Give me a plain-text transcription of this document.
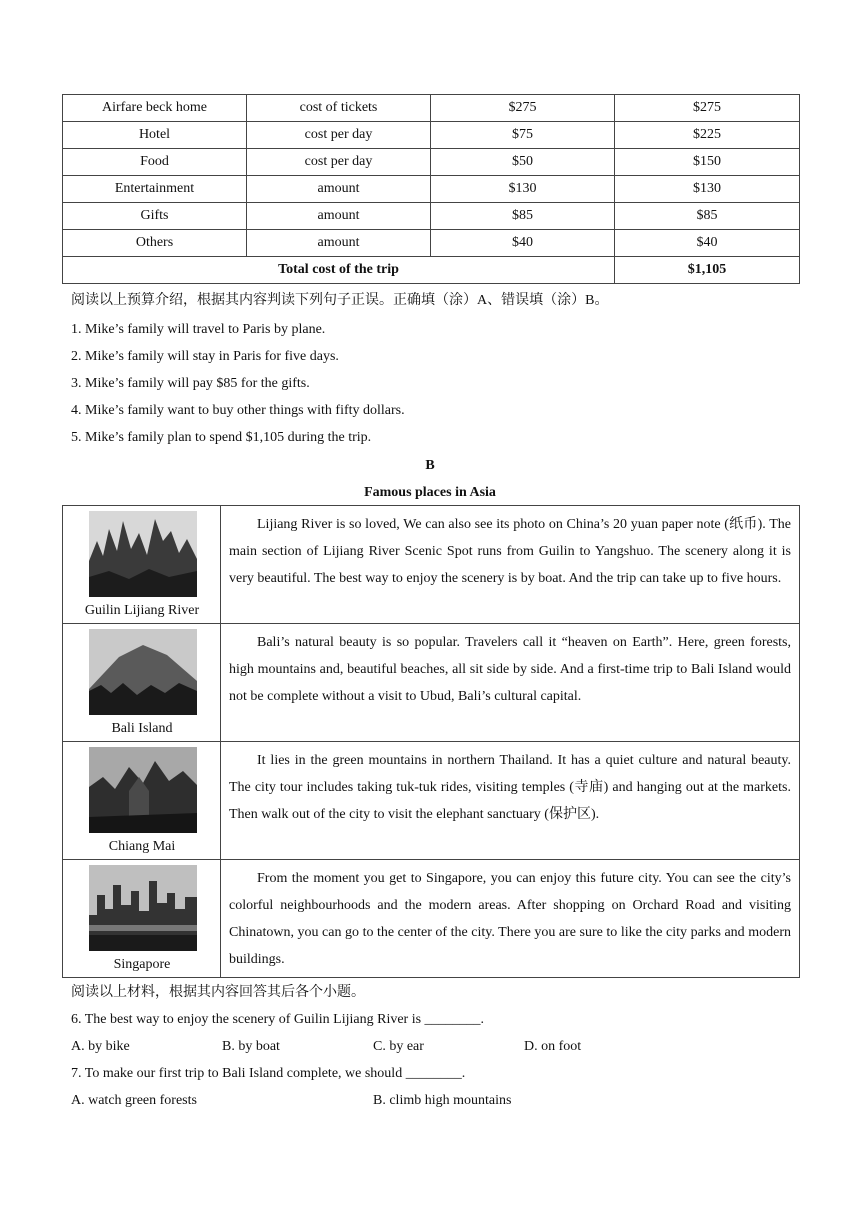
Airfare beck home	cost of tickets	$275	$275
Hotel	cost per day	$75	$225
Food	cost per day	$50	$150
Entertainment	amount	$130	$130
Gifts	amount	$85	$85
Others	amount	$40	$40
Total cost of the trip			$1,105
阅读以上预算介绍，根据其内容判读下列句子正误。正确填（涂）A、错误填（涂）B。
1. Mike’s family will travel to Paris by plane.
2. Mike’s family will stay in Paris for five days.
3. Mike’s family will pay $85 for the gifts.
4. Mike’s family want to buy other things with fifty dollars.
5. Mike’s family plan to spend $1,105 during the trip.
B
Famous places in Asia
Guilin Lijiang River	Lijiang River is so loved, We can also see its photo on China’s 20 yuan paper note (纸币). The main section of Lijiang River Scenic Spot runs from Guilin to Yangshuo. The scenery along it is very beautiful. The best way to enjoy the scenery is by boat. And the trip can take up to five hours.

Bali Island	Bali’s natural beauty is so popular. Travelers call it “heaven on Earth”. Here, green forests, high mountains and, beautiful beaches, all sit side by side. And a first-time trip to Bali Island would not be complete without a visit to Ubud, Bali’s cultural capital.

Chiang Mai	It lies in the green mountains in northern Thailand. It has a quiet culture and natural beauty. The city tour includes taking tuk-tuk rides, visiting temples (寺庙) and hanging out at the markets. Then walk out of the city to visit the elephant sanctuary (保护区).

Singapore	From the moment you get to Singapore, you can enjoy this future city. You can see the city’s colorful neighbourhoods and the modern areas. After shopping on Orchard Road and visiting Chinatown, you can go to the center of the city. There you are sure to like the city parks and modern buildings.
阅读以上材料，根据其内容回答其后各个小题。
6. The best way to enjoy the scenery of Guilin Lijiang River is ________.
A. by bike	B. by boat	C. by ear	D. on foot
7. To make our first trip to Bali Island complete, we should ________.
A. watch green forests	B. climb high mountains
